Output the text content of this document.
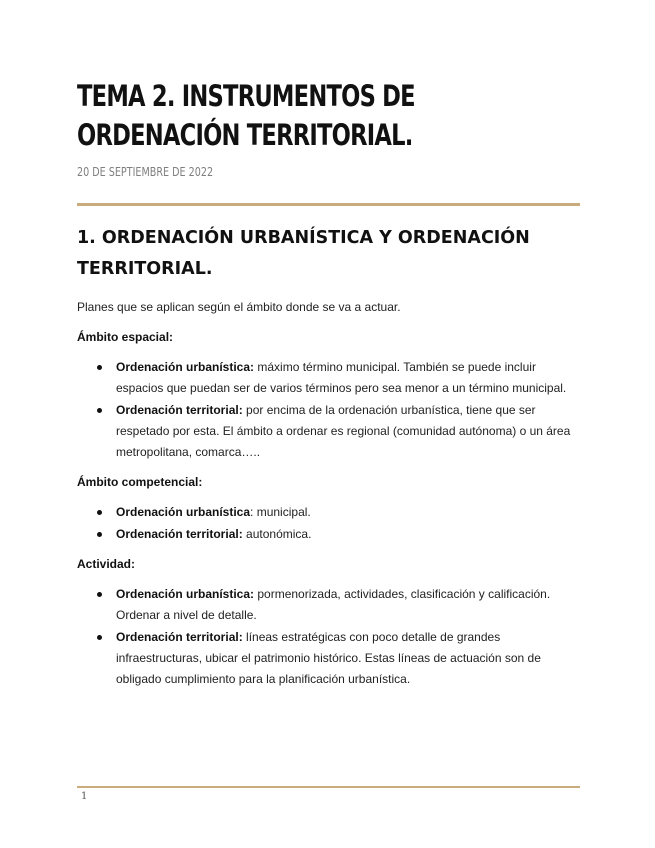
TEMA 2. INSTRUMENTOS DE ORDENACIÓN TERRITORIAL.
20 DE SEPTIEMBRE DE 2022
1. ORDENACIÓN URBANÍSTICA Y ORDENACIÓN TERRITORIAL.

Planes que se aplican según el ámbito donde se va a actuar.

Ámbito espacial:

Ordenación urbanística: máximo término municipal. También se puede incluir espacios que puedan ser de varios términos pero sea menor a un término municipal.
Ordenación territorial: por encima de la ordenación urbanística, tiene que ser respetado por esta. El ámbito a ordenar es regional (comunidad autónoma) o un área metropolitana, comarca…..

Ámbito competencial:

Ordenación urbanística: municipal.
Ordenación territorial: autonómica.

Actividad:

Ordenación urbanística: pormenorizada, actividades, clasificación y calificación. Ordenar a nivel de detalle.
Ordenación territorial: líneas estratégicas con poco detalle de grandes infraestructuras, ubicar el patrimonio histórico. Estas líneas de actuación son de obligado cumplimiento para la planificación urbanística.
1
